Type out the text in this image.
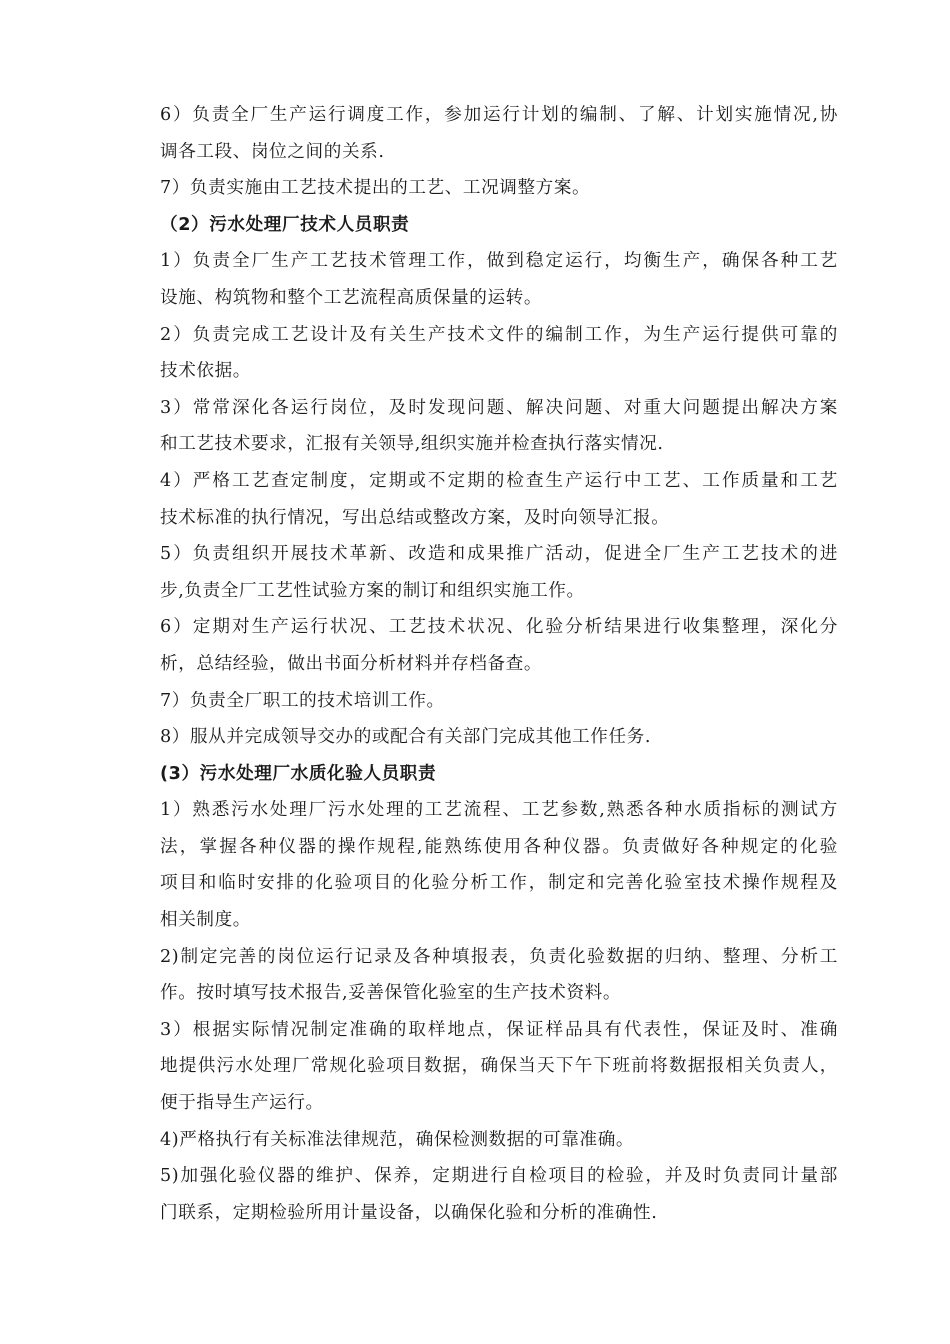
6）负责全厂生产运行调度工作，参加运行计划的编制、了解、计划实施情况,协
调各工段、岗位之间的关系.
7）负责实施由工艺技术提出的工艺、工况调整方案。
（2）污水处理厂技术人员职责
1）负责全厂生产工艺技术管理工作，做到稳定运行，均衡生产，确保各种工艺
设施、构筑物和整个工艺流程高质保量的运转。
2）负责完成工艺设计及有关生产技术文件的编制工作，为生产运行提供可靠的
技术依据。
3）常常深化各运行岗位，及时发现问题、解决问题、对重大问题提出解决方案
和工艺技术要求，汇报有关领导,组织实施并检查执行落实情况.
4）严格工艺查定制度，定期或不定期的检查生产运行中工艺、工作质量和工艺
技术标准的执行情况，写出总结或整改方案，及时向领导汇报。
5）负责组织开展技术革新、改造和成果推广活动，促进全厂生产工艺技术的进
步,负责全厂工艺性试验方案的制订和组织实施工作。
6）定期对生产运行状况、工艺技术状况、化验分析结果进行收集整理，深化分
析，总结经验，做出书面分析材料并存档备查。
7）负责全厂职工的技术培训工作。
8）服从并完成领导交办的或配合有关部门完成其他工作任务.
(3）污水处理厂水质化验人员职责
1）熟悉污水处理厂污水处理的工艺流程、工艺参数,熟悉各种水质指标的测试方
法，掌握各种仪器的操作规程,能熟练使用各种仪器。负责做好各种规定的化验
项目和临时安排的化验项目的化验分析工作，制定和完善化验室技术操作规程及
相关制度。
2)制定完善的岗位运行记录及各种填报表，负责化验数据的归纳、整理、分析工
作。按时填写技术报告,妥善保管化验室的生产技术资料。
3）根据实际情况制定准确的取样地点，保证样品具有代表性，保证及时、准确
地提供污水处理厂常规化验项目数据，确保当天下午下班前将数据报相关负责人，
便于指导生产运行。
4)严格执行有关标准法律规范，确保检测数据的可靠准确。
5)加强化验仪器的维护、保养，定期进行自检项目的检验，并及时负责同计量部
门联系，定期检验所用计量设备，以确保化验和分析的准确性.
